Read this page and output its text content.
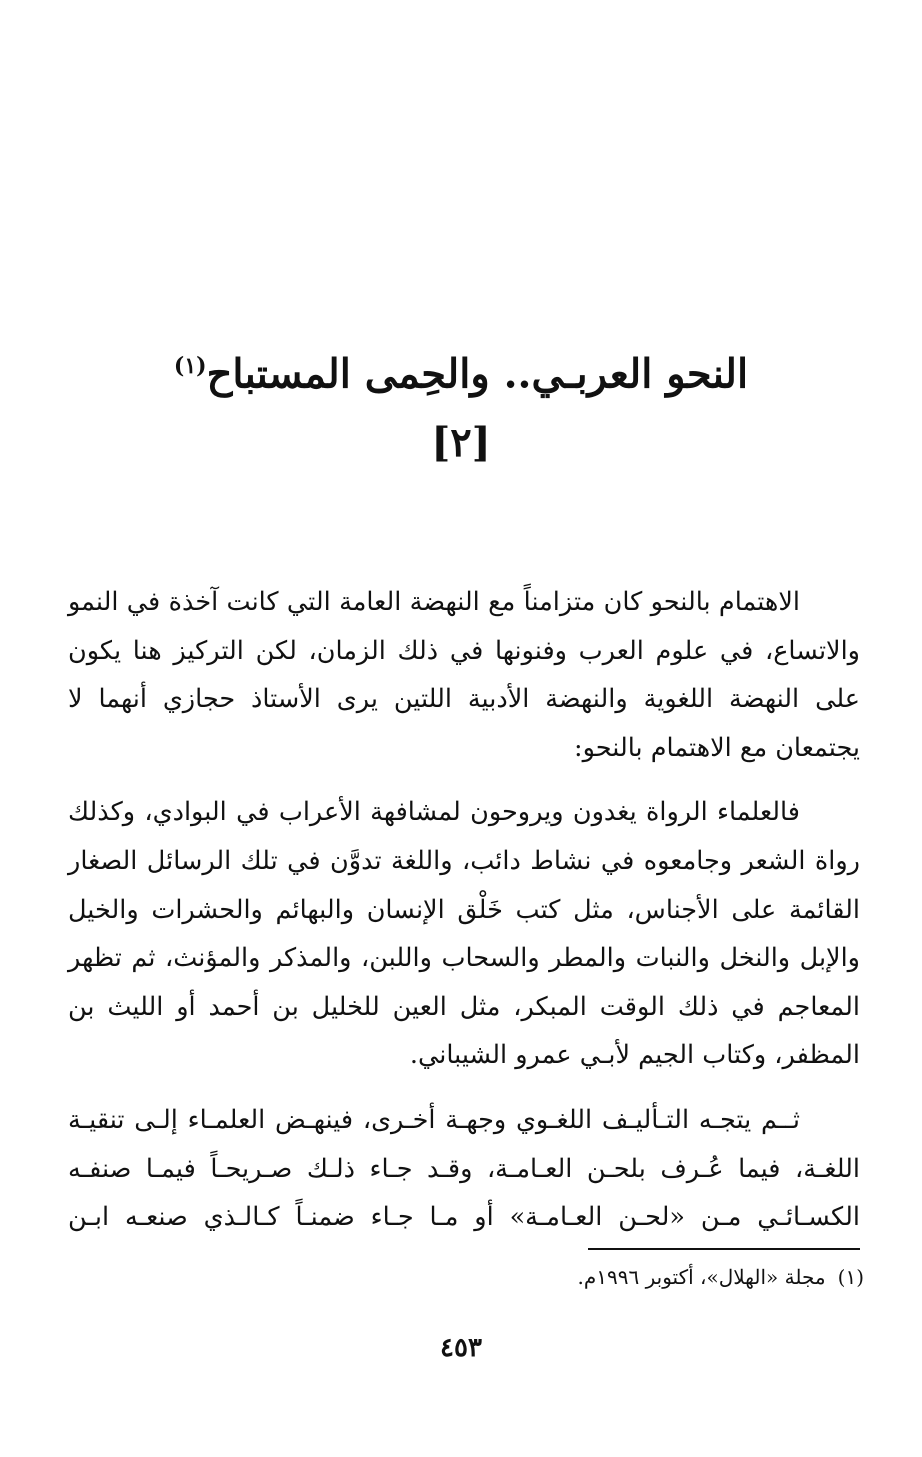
النحو العربـي.. والحِمى المستباح$^{(١)}$
[٢]

الاهتمام بالنحو كان متزامناً مع النهضة العامة التي كانت آخذة في النمو والاتساع، في علوم العرب وفنونها في ذلك الزمان، لكن التركيز هنا يكون على النهضة اللغوية والنهضة الأدبية اللتين يرى الأستاذ حجازي أنهما لا يجتمعان مع الاهتمام بالنحو:

فالعلماء الرواة يغدون ويروحون لمشافهة الأعراب في البوادي، وكذلك رواة الشعر وجامعوه في نشاط دائب، واللغة تدوَّن في تلك الرسائل الصغار القائمة على الأجناس، مثل كتب خَلْق الإنسان والبهائم والحشرات والخيل والإبل والنخل والنبات والمطر والسحاب واللبن، والمذكر والمؤنث، ثم تظهر المعاجم في ذلك الوقت المبكر، مثل العين للخليل بن أحمد أو الليث بن المظفر، وكتاب الجيم لأبـي عمرو الشيباني.

ثــم يتجـه التـأليـف اللغـوي وجهـة أخـرى، فينهـض العلمـاء إلـى تنقيـة اللغـة، فيما عُـرف بلحـن العـامـة، وقـد جـاء ذلـك صـريحـاً فيمـا صنفـه الكسـائـي مـن «لحـن العـامـة» أو مـا جـاء ضمنـاً كـالـذي صنعـه ابـن

(١)مجلة «الهلال»، أكتوبر ١٩٩٦م.
٤٥٣
